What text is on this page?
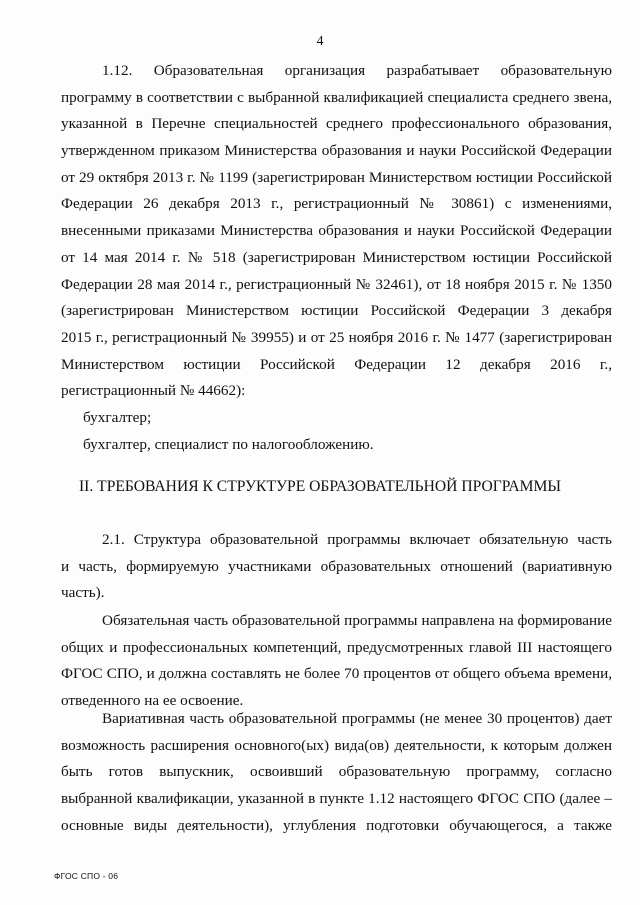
4
1.12. Образовательная организация разрабатывает образовательную
программу в соответствии с выбранной квалификацией специалиста среднего звена,
указанной в Перечне специальностей среднего профессионального образования,
утвержденном приказом Министерства образования и науки Российской Федерации
от 29 октября 2013 г. № 1199 (зарегистрирован Министерством юстиции Российской
Федерации 26 декабря 2013 г., регистрационный № 30861) с изменениями,
внесенными приказами Министерства образования и науки Российской Федерации
от 14 мая 2014 г. № 518 (зарегистрирован Министерством юстиции Российской
Федерации 28 мая 2014 г., регистрационный № 32461), от 18 ноября 2015 г. № 1350
(зарегистрирован Министерством юстиции Российской Федерации 3 декабря
2015 г., регистрационный № 39955) и от 25 ноября 2016 г. № 1477 (зарегистрирован
Министерством юстиции Российской Федерации 12 декабря 2016 г.,
регистрационный № 44662):
бухгалтер;
бухгалтер, специалист по налогообложению.
II. ТРЕБОВАНИЯ К СТРУКТУРЕ ОБРАЗОВАТЕЛЬНОЙ ПРОГРАММЫ
2.1. Структура образовательной программы включает обязательную часть
и часть, формируемую участниками образовательных отношений (вариативную
часть).
Обязательная часть образовательной программы направлена на формирование
общих и профессиональных компетенций, предусмотренных главой III настоящего
ФГОС СПО, и должна составлять не более 70 процентов от общего объема времени,
отведенного на ее освоение.
Вариативная часть образовательной программы (не менее 30 процентов) дает
возможность расширения основного(ых) вида(ов) деятельности, к которым должен
быть готов выпускник, освоивший образовательную программу, согласно
выбранной квалификации, указанной в пункте 1.12 настоящего ФГОС СПО (далее –
основные виды деятельности), углубления подготовки обучающегося, а также
ФГОС СПО - 06
